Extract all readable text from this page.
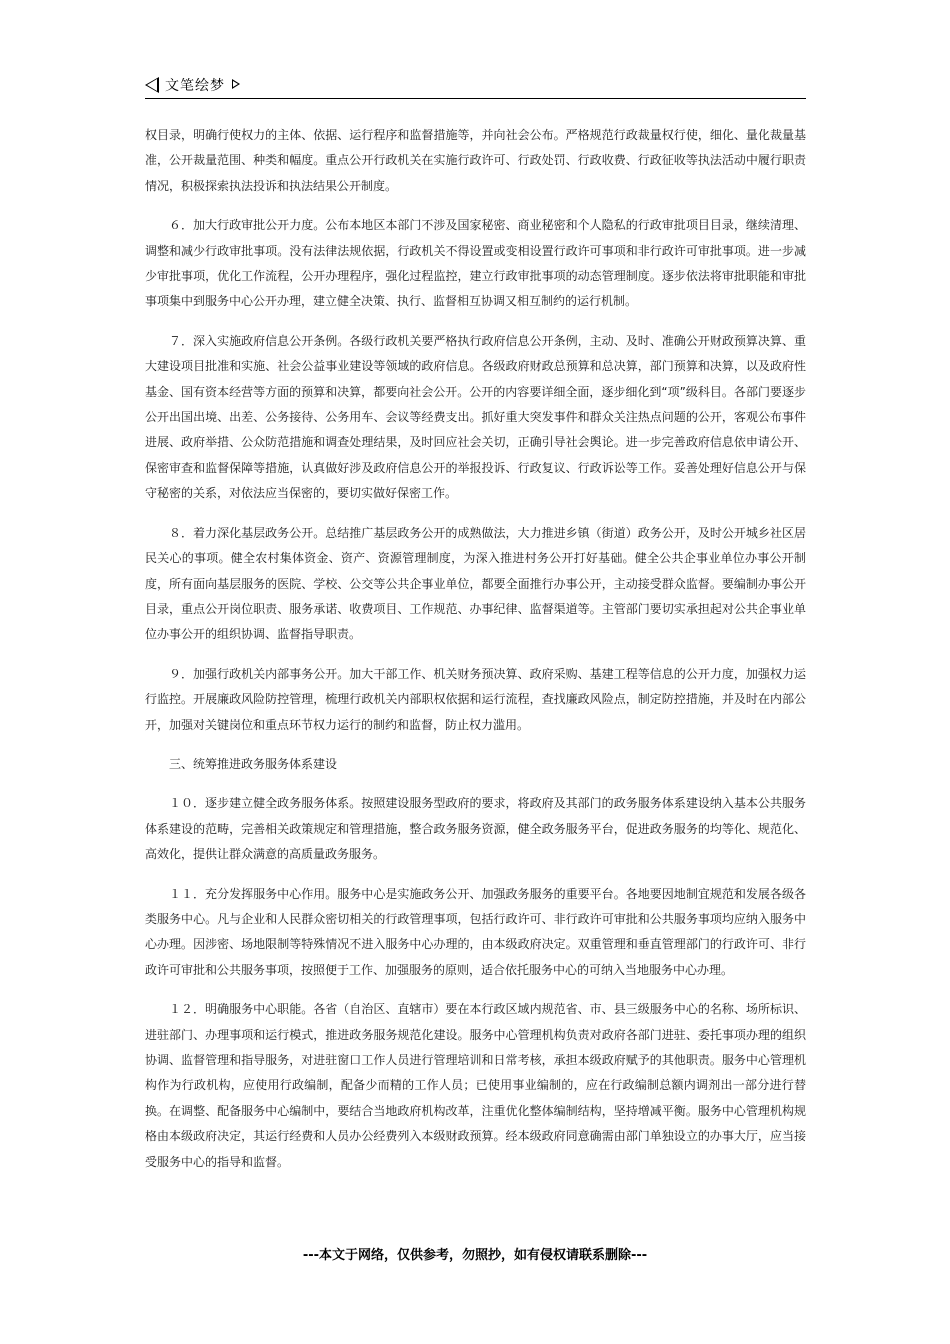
文笔绘梦

权目录，明确行使权力的主体、依据、运行程序和监督措施等，并向社会公布。严格规范行政裁量权行使，细化、量化裁量基准，公开裁量范围、种类和幅度。重点公开行政机关在实施行政许可、行政处罚、行政收费、行政征收等执法活动中履行职责情况，积极探索执法投诉和执法结果公开制度。

６．加大行政审批公开力度。公布本地区本部门不涉及国家秘密、商业秘密和个人隐私的行政审批项目目录，继续清理、调整和减少行政审批事项。没有法律法规依据，行政机关不得设置或变相设置行政许可事项和非行政许可审批事项。进一步减少审批事项，优化工作流程，公开办理程序，强化过程监控，建立行政审批事项的动态管理制度。逐步依法将审批职能和审批事项集中到服务中心公开办理，建立健全决策、执行、监督相互协调又相互制约的运行机制。

７．深入实施政府信息公开条例。各级行政机关要严格执行政府信息公开条例，主动、及时、准确公开财政预算决算、重大建设项目批准和实施、社会公益事业建设等领域的政府信息。各级政府财政总预算和总决算，部门预算和决算，以及政府性基金、国有资本经营等方面的预算和决算，都要向社会公开。公开的内容要详细全面，逐步细化到“项”级科目。各部门要逐步公开出国出境、出差、公务接待、公务用车、会议等经费支出。抓好重大突发事件和群众关注热点问题的公开，客观公布事件进展、政府举措、公众防范措施和调查处理结果，及时回应社会关切，正确引导社会舆论。进一步完善政府信息依申请公开、保密审查和监督保障等措施，认真做好涉及政府信息公开的举报投诉、行政复议、行政诉讼等工作。妥善处理好信息公开与保守秘密的关系，对依法应当保密的，要切实做好保密工作。

８．着力深化基层政务公开。总结推广基层政务公开的成熟做法，大力推进乡镇（街道）政务公开，及时公开城乡社区居民关心的事项。健全农村集体资金、资产、资源管理制度，为深入推进村务公开打好基础。健全公共企事业单位办事公开制度，所有面向基层服务的医院、学校、公交等公共企事业单位，都要全面推行办事公开，主动接受群众监督。要编制办事公开目录，重点公开岗位职责、服务承诺、收费项目、工作规范、办事纪律、监督渠道等。主管部门要切实承担起对公共企事业单位办事公开的组织协调、监督指导职责。

９．加强行政机关内部事务公开。加大干部工作、机关财务预决算、政府采购、基建工程等信息的公开力度，加强权力运行监控。开展廉政风险防控管理，梳理行政机关内部职权依据和运行流程，查找廉政风险点，制定防控措施，并及时在内部公开，加强对关键岗位和重点环节权力运行的制约和监督，防止权力滥用。

三、统筹推进政务服务体系建设

１０．逐步建立健全政务服务体系。按照建设服务型政府的要求，将政府及其部门的政务服务体系建设纳入基本公共服务体系建设的范畴，完善相关政策规定和管理措施，整合政务服务资源，健全政务服务平台，促进政务服务的均等化、规范化、高效化，提供让群众满意的高质量政务服务。

１１．充分发挥服务中心作用。服务中心是实施政务公开、加强政务服务的重要平台。各地要因地制宜规范和发展各级各类服务中心。凡与企业和人民群众密切相关的行政管理事项，包括行政许可、非行政许可审批和公共服务事项均应纳入服务中心办理。因涉密、场地限制等特殊情况不进入服务中心办理的，由本级政府决定。双重管理和垂直管理部门的行政许可、非行政许可审批和公共服务事项，按照便于工作、加强服务的原则，适合依托服务中心的可纳入当地服务中心办理。

１２．明确服务中心职能。各省（自治区、直辖市）要在本行政区域内规范省、市、县三级服务中心的名称、场所标识、进驻部门、办理事项和运行模式，推进政务服务规范化建设。服务中心管理机构负责对政府各部门进驻、委托事项办理的组织协调、监督管理和指导服务，对进驻窗口工作人员进行管理培训和日常考核，承担本级政府赋予的其他职责。服务中心管理机构作为行政机构，应使用行政编制，配备少而精的工作人员；已使用事业编制的，应在行政编制总额内调剂出一部分进行替换。在调整、配备服务中心编制中，要结合当地政府机构改革，注重优化整体编制结构，坚持增减平衡。服务中心管理机构规格由本级政府决定，其运行经费和人员办公经费列入本级财政预算。经本级政府同意确需由部门单独设立的办事大厅，应当接受服务中心的指导和监督。

---本文于网络，仅供参考，勿照抄，如有侵权请联系删除---
